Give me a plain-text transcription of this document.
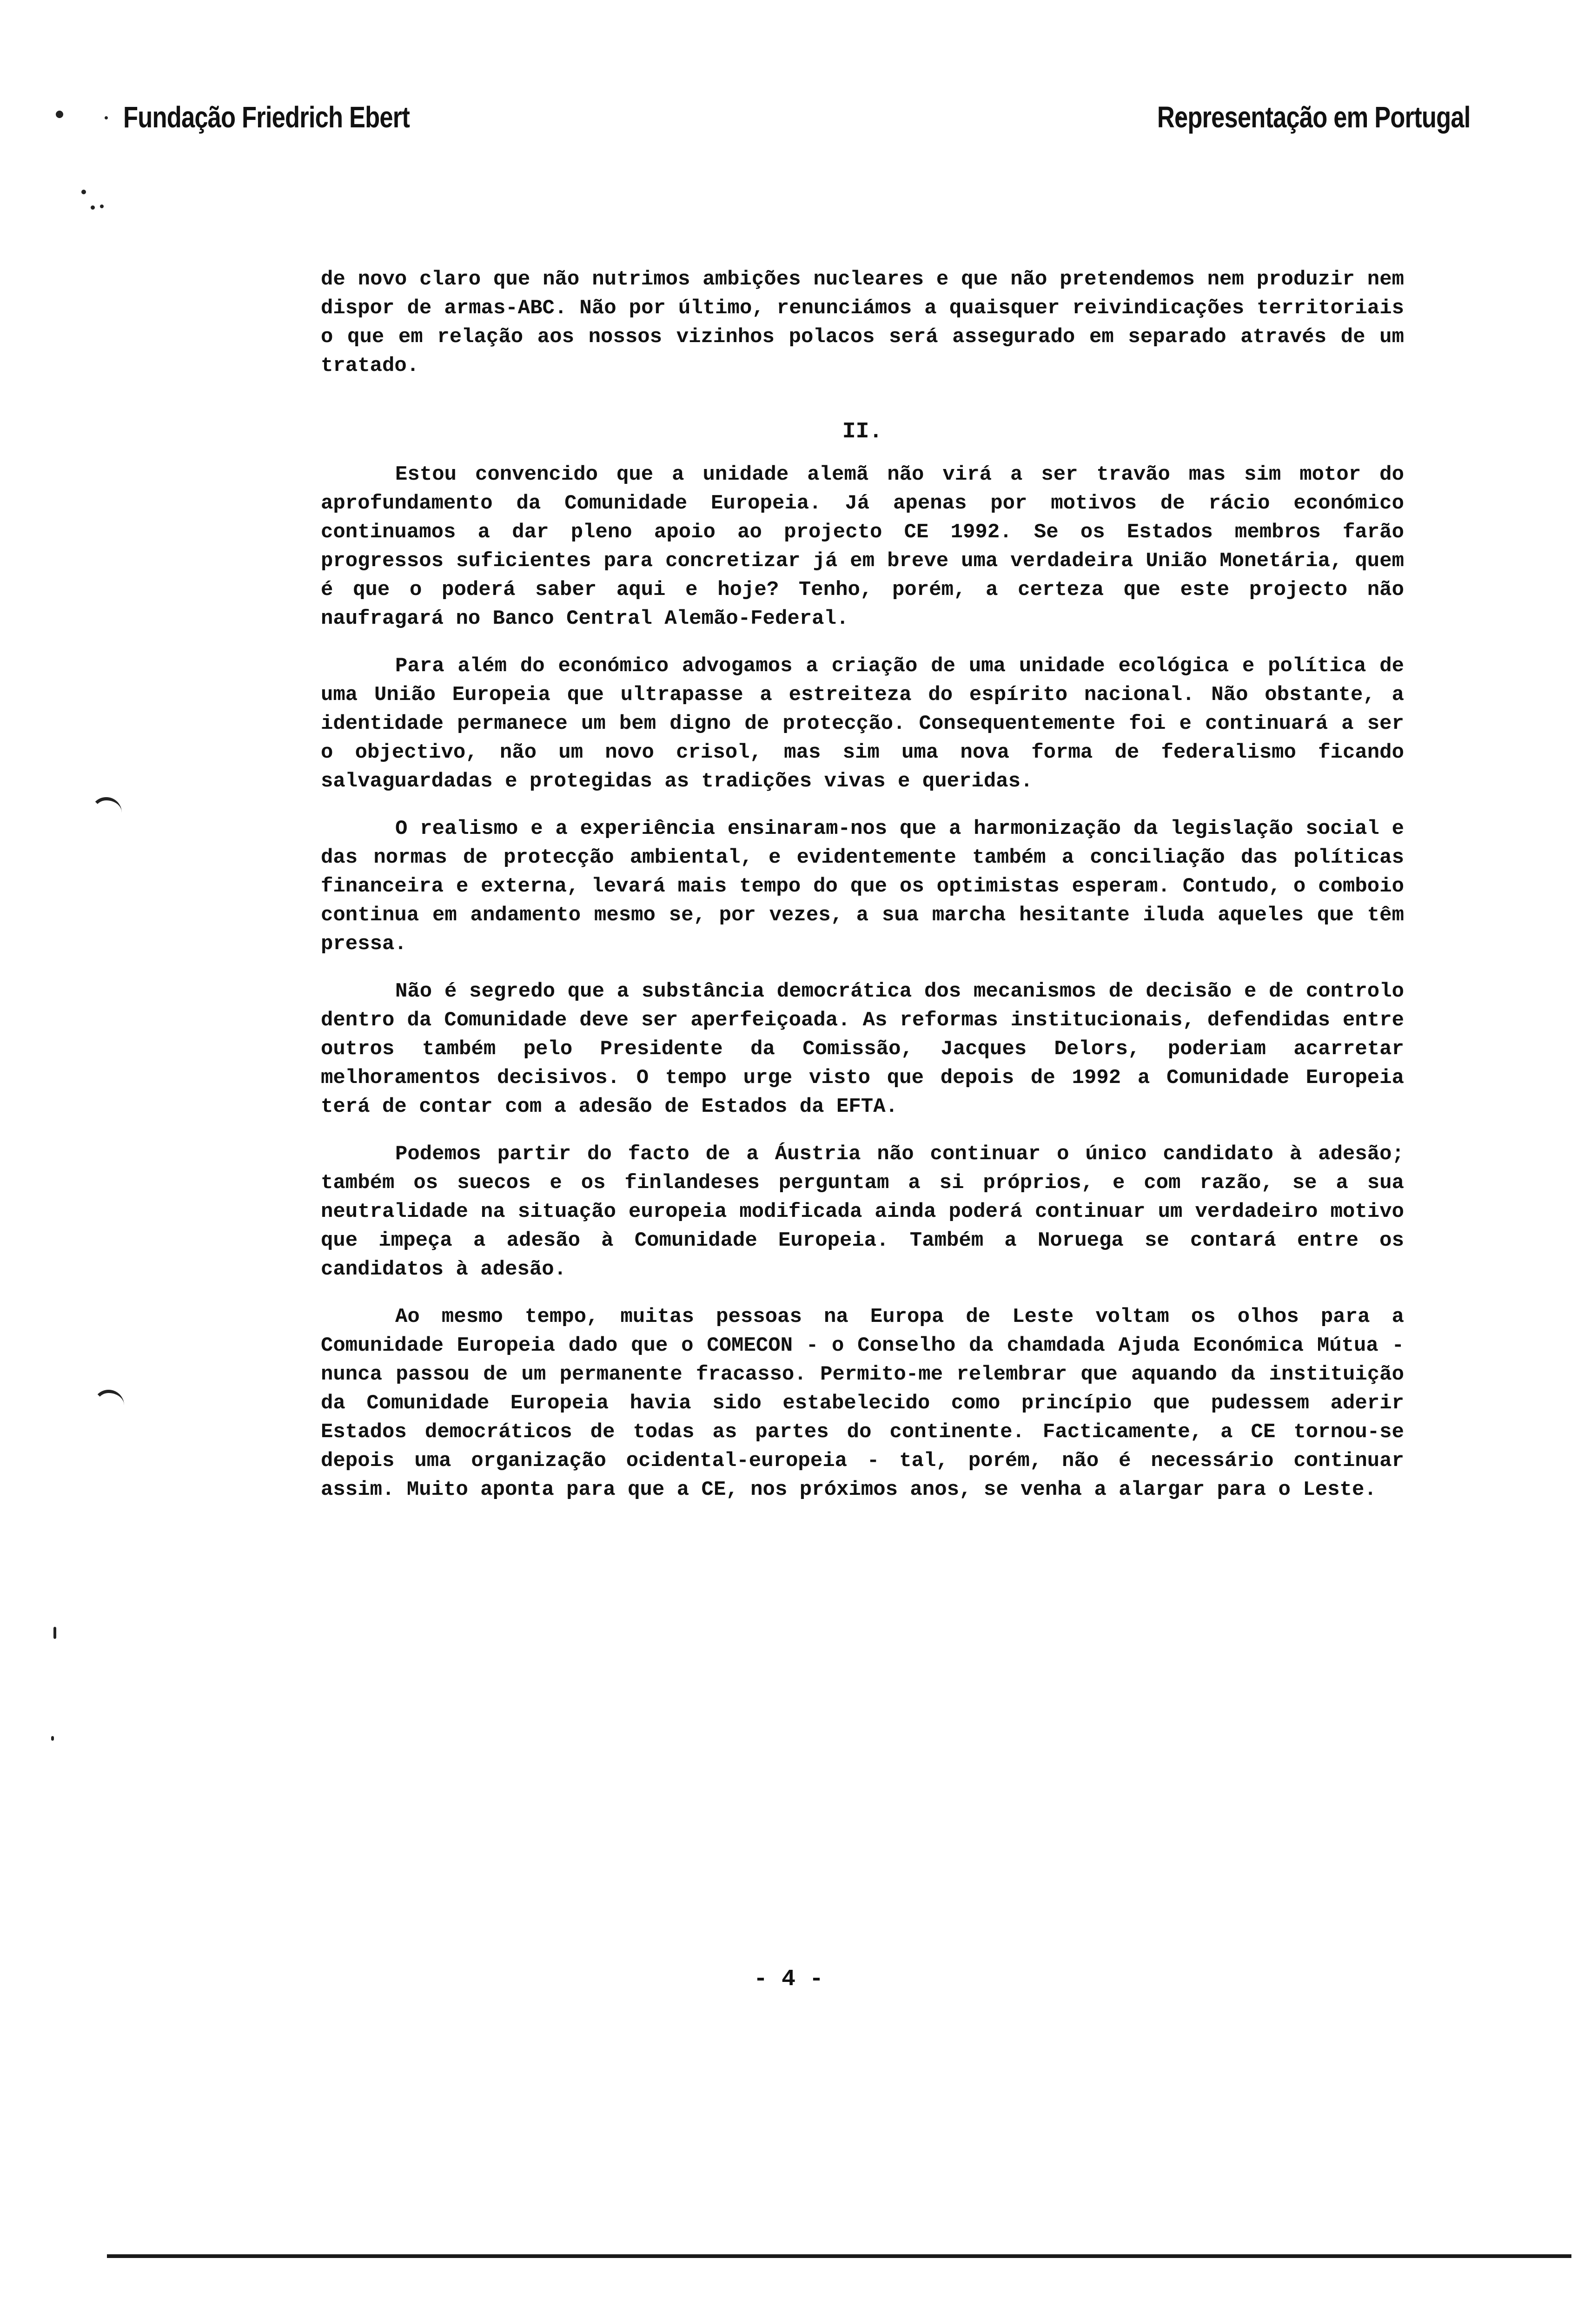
Fundação Friedrich Ebert	Representação em Portugal

de novo claro que não nutrimos ambições nucleares e que não pretendemos nem produzir nem dispor de armas-ABC. Não por último, renunciámos a quaisquer reivindicações territoriais o que em relação aos nossos vizinhos polacos será assegurado em separado através de um tratado.

II.

Estou convencido que a unidade alemã não virá a ser travão mas sim motor do aprofundamento da Comunidade Europeia. Já apenas por motivos de rácio económico continuamos a dar pleno apoio ao projecto CE 1992. Se os Estados membros farão progressos suficientes para concretizar já em breve uma verdadeira União Monetária, quem é que o poderá saber aqui e hoje? Tenho, porém, a certeza que este projecto não naufragará no Banco Central Alemão-Federal.

Para além do económico advogamos a criação de uma unidade ecológica e política de uma União Europeia que ultrapasse a estreiteza do espírito nacional. Não obstante, a identidade permanece um bem digno de protecção. Consequentemente foi e continuará a ser o objectivo, não um novo crisol, mas sim uma nova forma de federalismo ficando salvaguardadas e protegidas as tradições vivas e queridas.

O realismo e a experiência ensinaram-nos que a harmonização da legislação social e das normas de protecção ambiental, e evidentemente também a conciliação das políticas financeira e externa, levará mais tempo do que os optimistas esperam. Contudo, o comboio continua em andamento mesmo se, por vezes, a sua marcha hesitante iluda aqueles que têm pressa.

Não é segredo que a substância democrática dos mecanismos de decisão e de controlo dentro da Comunidade deve ser aperfeiçoada. As reformas institucionais, defendidas entre outros também pelo Presidente da Comissão, Jacques Delors, poderiam acarretar melhoramentos decisivos. O tempo urge visto que depois de 1992 a Comunidade Europeia terá de contar com a adesão de Estados da EFTA.

Podemos partir do facto de a Áustria não continuar o único candidato à adesão; também os suecos e os finlandeses perguntam a si próprios, e com razão, se a sua neutralidade na situação europeia modificada ainda poderá continuar um verdadeiro motivo que impeça a adesão à Comunidade Europeia. Também a Noruega se contará entre os candidatos à adesão.

Ao mesmo tempo, muitas pessoas na Europa de Leste voltam os olhos para a Comunidade Europeia dado que o COMECON - o Conselho da chamdada Ajuda Económica Mútua - nunca passou de um permanente fracasso. Permito-me relembrar que aquando da instituição da Comunidade Europeia havia sido estabelecido como princípio que pudessem aderir Estados democráticos de todas as partes do continente. Facticamente, a CE tornou-se depois uma organização ocidental-europeia - tal, porém, não é necessário continuar assim. Muito aponta para que a CE, nos próximos anos, se venha a alargar para o Leste.

- 4 -
